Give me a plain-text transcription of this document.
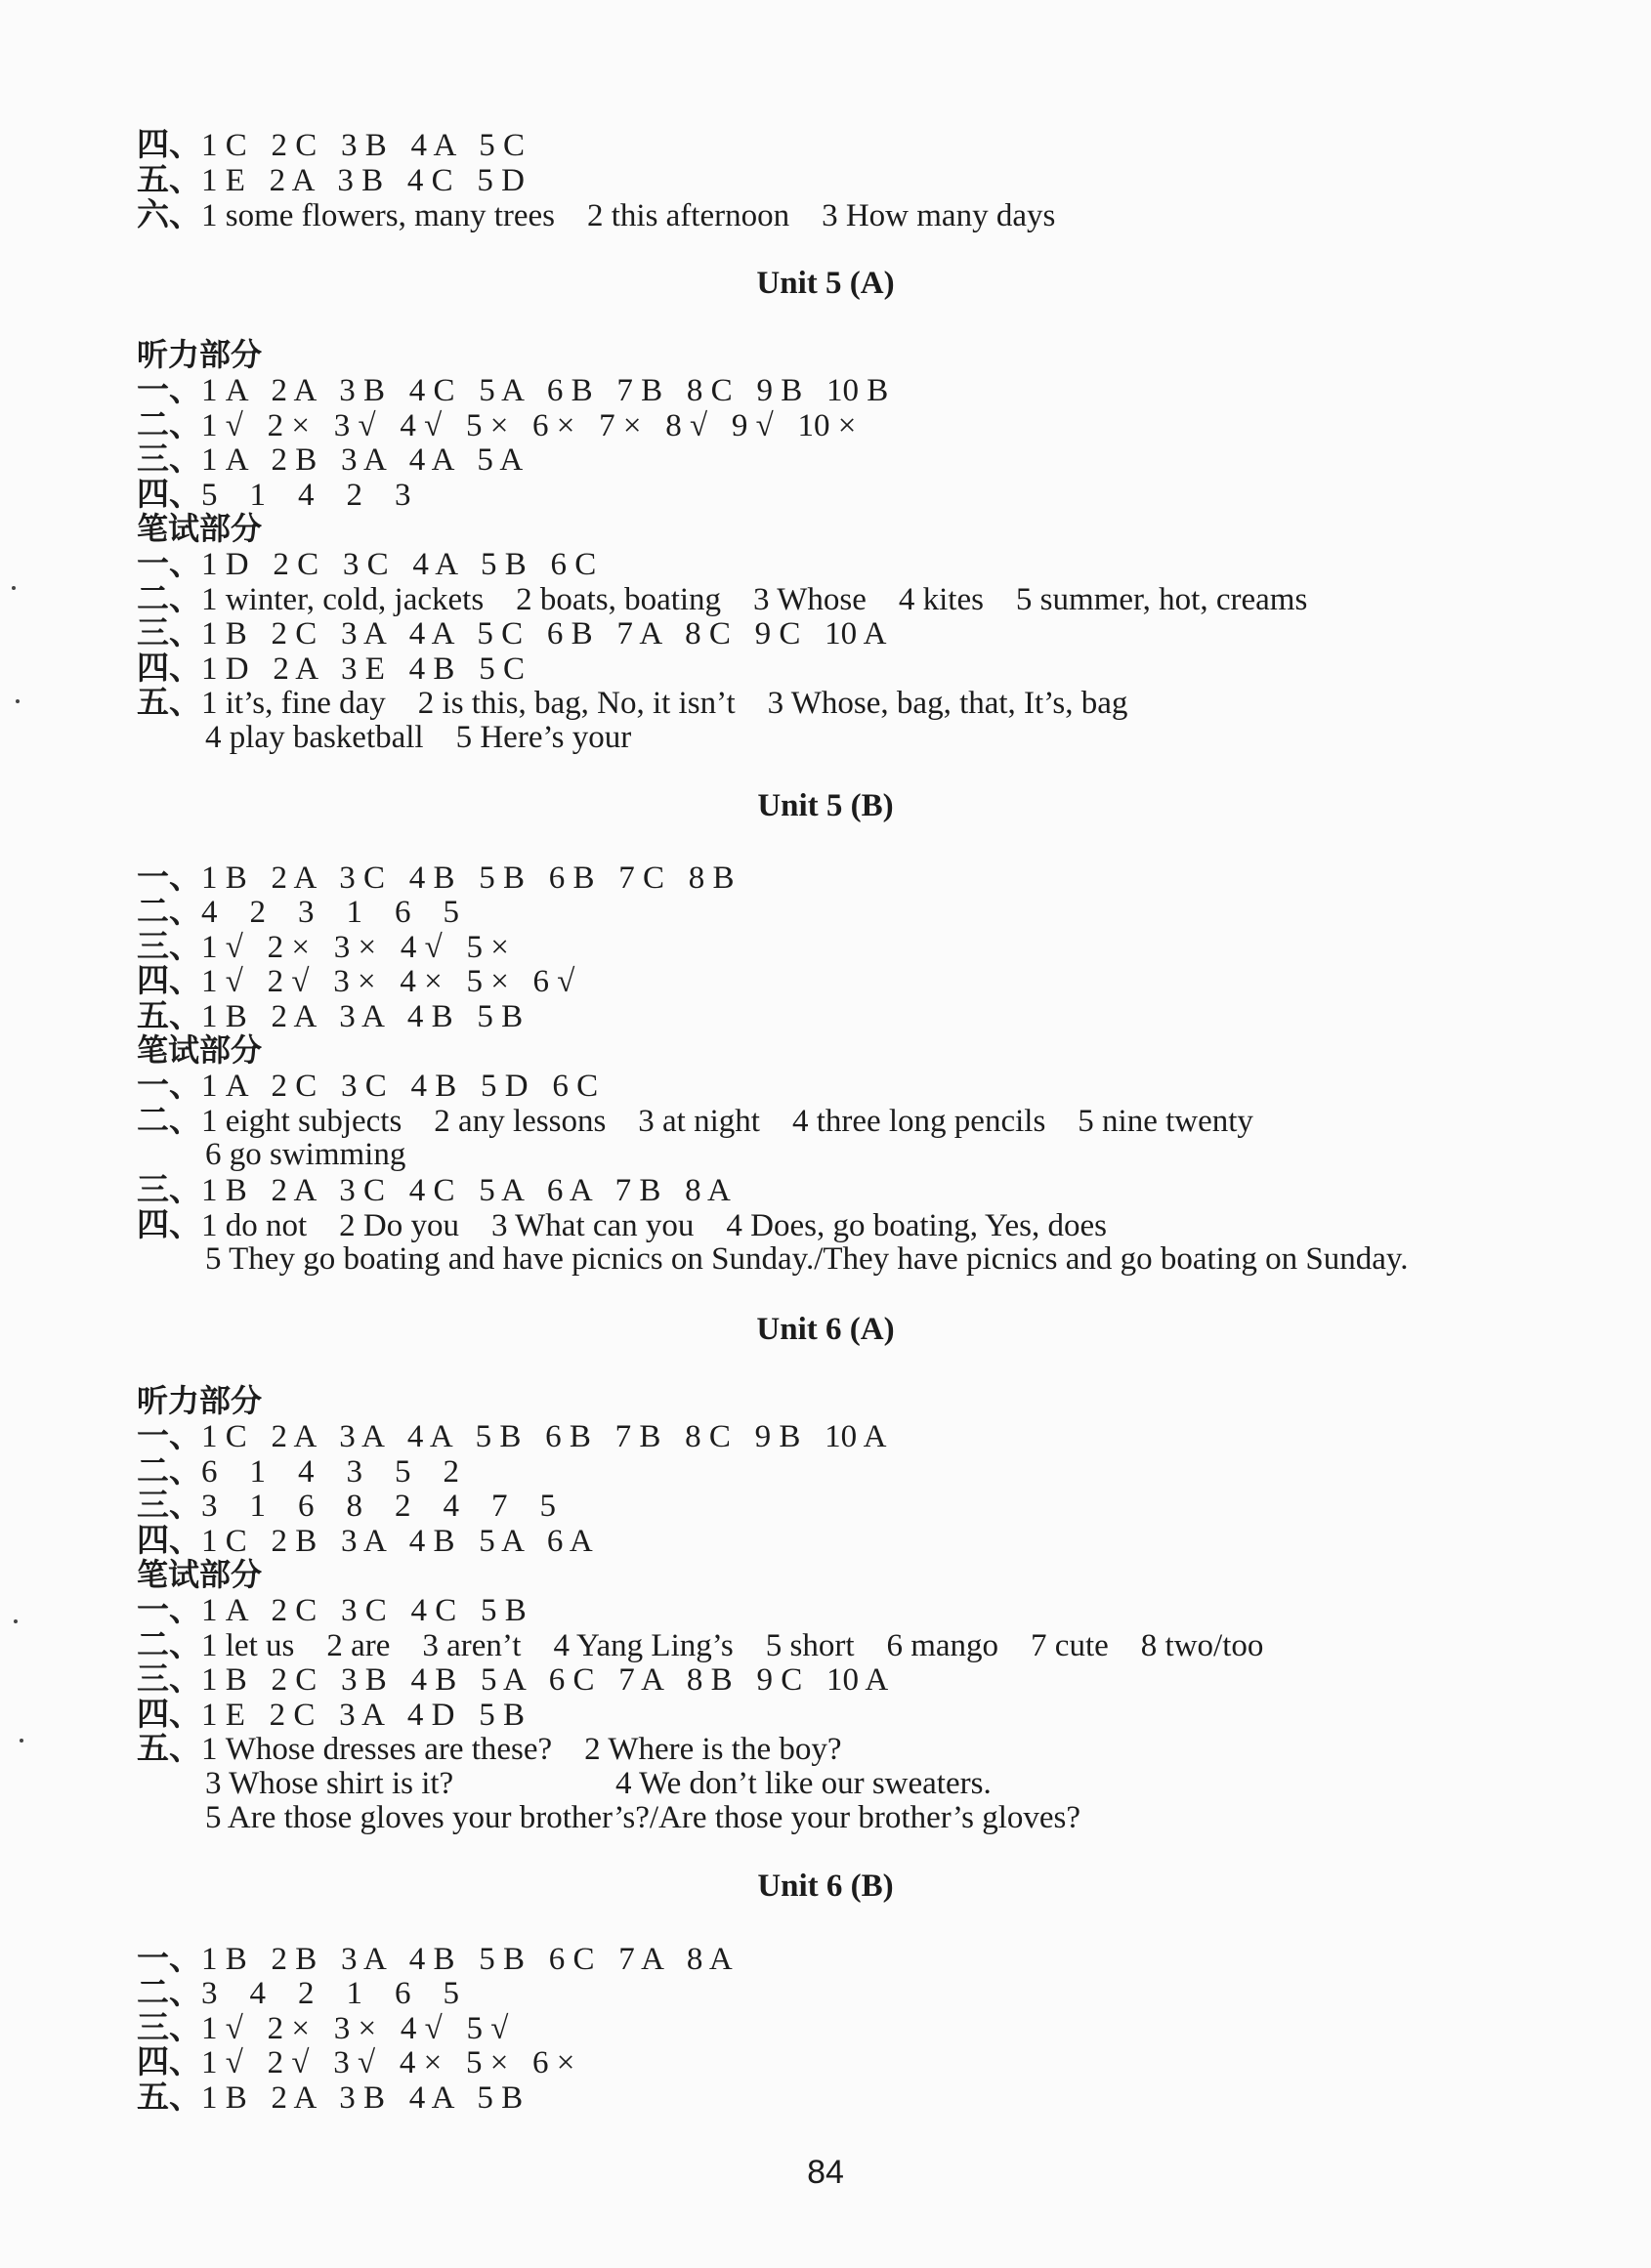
四、1 C   2 C   3 B   4 A   5 C
五、1 E   2 A   3 B   4 C   5 D
六、1 some flowers, many trees    2 this afternoon    3 How many days
Unit 5 (A)
听力部分
一、1 A   2 A   3 B   4 C   5 A   6 B   7 B   8 C   9 B   10 B
二、1 √   2 ×   3 √   4 √   5 ×   6 ×   7 ×   8 √   9 √   10 ×
三、1 A   2 B   3 A   4 A   5 A
四、5    1    4    2    3
笔试部分
一、1 D   2 C   3 C   4 A   5 B   6 C
二、1 winter, cold, jackets    2 boats, boating    3 Whose    4 kites    5 summer, hot, creams
三、1 B   2 C   3 A   4 A   5 C   6 B   7 A   8 C   9 C   10 A
四、1 D   2 A   3 E   4 B   5 C
五、1 it’s, fine day    2 is this, bag, No, it isn’t    3 Whose, bag, that, It’s, bag
4 play basketball    5 Here’s your
Unit 5 (B)
一、1 B   2 A   3 C   4 B   5 B   6 B   7 C   8 B
二、4    2    3    1    6    5
三、1 √   2 ×   3 ×   4 √   5 ×
四、1 √   2 √   3 ×   4 ×   5 ×   6 √
五、1 B   2 A   3 A   4 B   5 B
笔试部分
一、1 A   2 C   3 C   4 B   5 D   6 C
二、1 eight subjects    2 any lessons    3 at night    4 three long pencils    5 nine twenty
6 go swimming
三、1 B   2 A   3 C   4 C   5 A   6 A   7 B   8 A
四、1 do not    2 Do you    3 What can you    4 Does, go boating, Yes, does
5 They go boating and have picnics on Sunday./They have picnics and go boating on Sunday.
Unit 6 (A)
听力部分
一、1 C   2 A   3 A   4 A   5 B   6 B   7 B   8 C   9 B   10 A
二、6    1    4    3    5    2
三、3    1    6    8    2    4    7    5
四、1 C   2 B   3 A   4 B   5 A   6 A
笔试部分
一、1 A   2 C   3 C   4 C   5 B
二、1 let us    2 are    3 aren’t    4 Yang Ling’s    5 short    6 mango    7 cute    8 two/too
三、1 B   2 C   3 B   4 B   5 A   6 C   7 A   8 B   9 C   10 A
四、1 E   2 C   3 A   4 D   5 B
五、1 Whose dresses are these?    2 Where is the boy?
3 Whose shirt is it?	4 We don’t like our sweaters.
5 Are those gloves your brother’s?/Are those your brother’s gloves?
Unit 6 (B)
一、1 B   2 B   3 A   4 B   5 B   6 C   7 A   8 A
二、3    4    2    1    6    5
三、1 √   2 ×   3 ×   4 √   5 √
四、1 √   2 √   3 √   4 ×   5 ×   6 ×
五、1 B   2 A   3 B   4 A   5 B
84
